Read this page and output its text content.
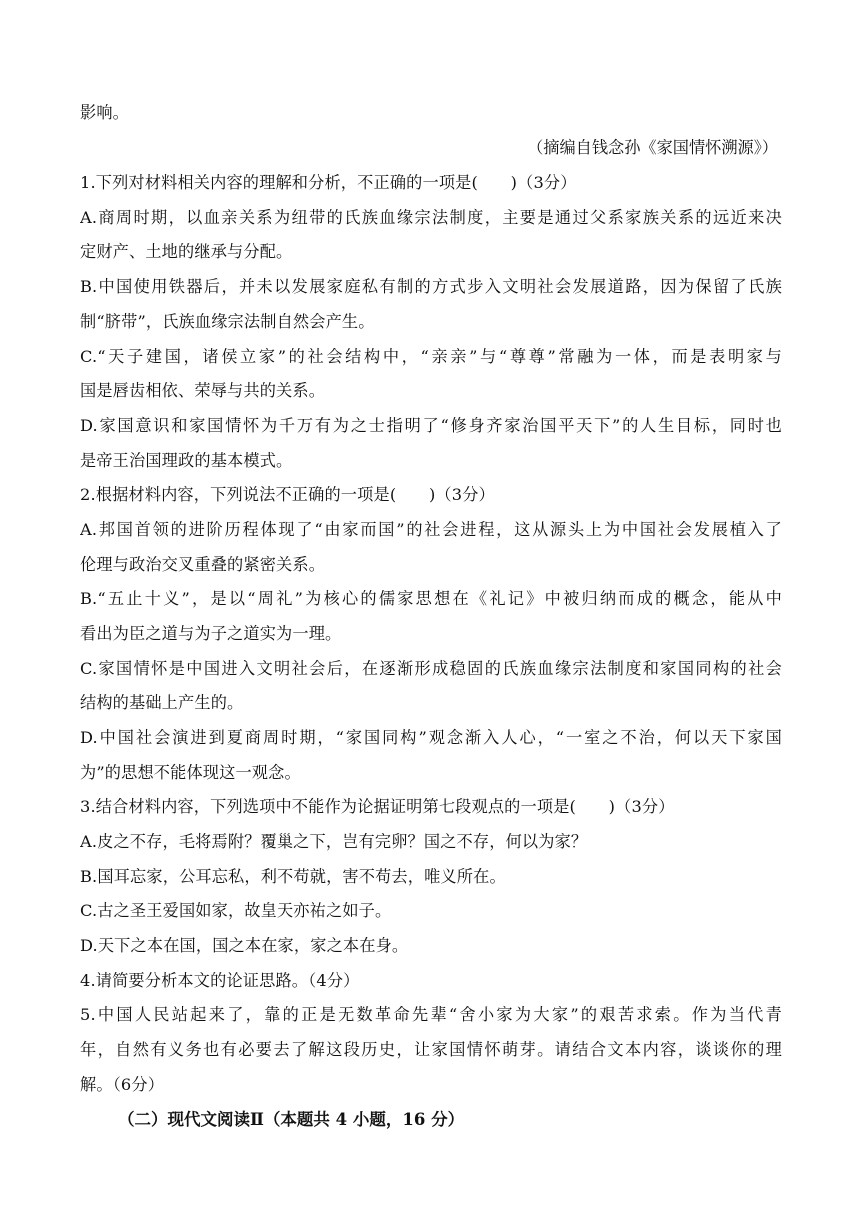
影响。
（摘编自钱念孙《家国情怀溯源》）
1.下列对材料相关内容的理解和分析，不正确的一项是(　　)（3分）
A.商周时期，以血亲关系为纽带的氏族血缘宗法制度，主要是通过父系家族关系的远近来决
定财产、土地的继承与分配。
B.中国使用铁器后，并未以发展家庭私有制的方式步入文明社会发展道路，因为保留了氏族
制“脐带”，氏族血缘宗法制自然会产生。
C.“天子建国，诸侯立家”的社会结构中，“亲亲”与“尊尊”常融为一体，而是表明家与
国是唇齿相依、荣辱与共的关系。
D.家国意识和家国情怀为千万有为之士指明了“修身齐家治国平天下”的人生目标，同时也
是帝王治国理政的基本模式。
2.根据材料内容，下列说法不正确的一项是(　　)（3分）
A.邦国首领的进阶历程体现了“由家而国”的社会进程，这从源头上为中国社会发展植入了
伦理与政治交叉重叠的紧密关系。
B.“五止十义”，是以“周礼”为核心的儒家思想在《礼记》中被归纳而成的概念，能从中
看出为臣之道与为子之道实为一理。
C.家国情怀是中国进入文明社会后，在逐渐形成稳固的氏族血缘宗法制度和家国同构的社会
结构的基础上产生的。
D.中国社会演进到夏商周时期，“家国同构”观念渐入人心，“一室之不治，何以天下家国
为”的思想不能体现这一观念。
3.结合材料内容，下列选项中不能作为论据证明第七段观点的一项是(　　)（3分）
A.皮之不存，毛将焉附？覆巢之下，岂有完卵？国之不存，何以为家？
B.国耳忘家，公耳忘私，利不苟就，害不苟去，唯义所在。
C.古之圣王爱国如家，故皇天亦祐之如子。
D.天下之本在国，国之本在家，家之本在身。
4.请简要分析本文的论证思路。（4分）
5.中国人民站起来了，靠的正是无数革命先辈“舍小家为大家”的艰苦求索。作为当代青
年，自然有义务也有必要去了解这段历史，让家国情怀萌芽。请结合文本内容，谈谈你的理
解。（6分）
（二）现代文阅读Ⅱ（本题共 4 小题，16 分）
